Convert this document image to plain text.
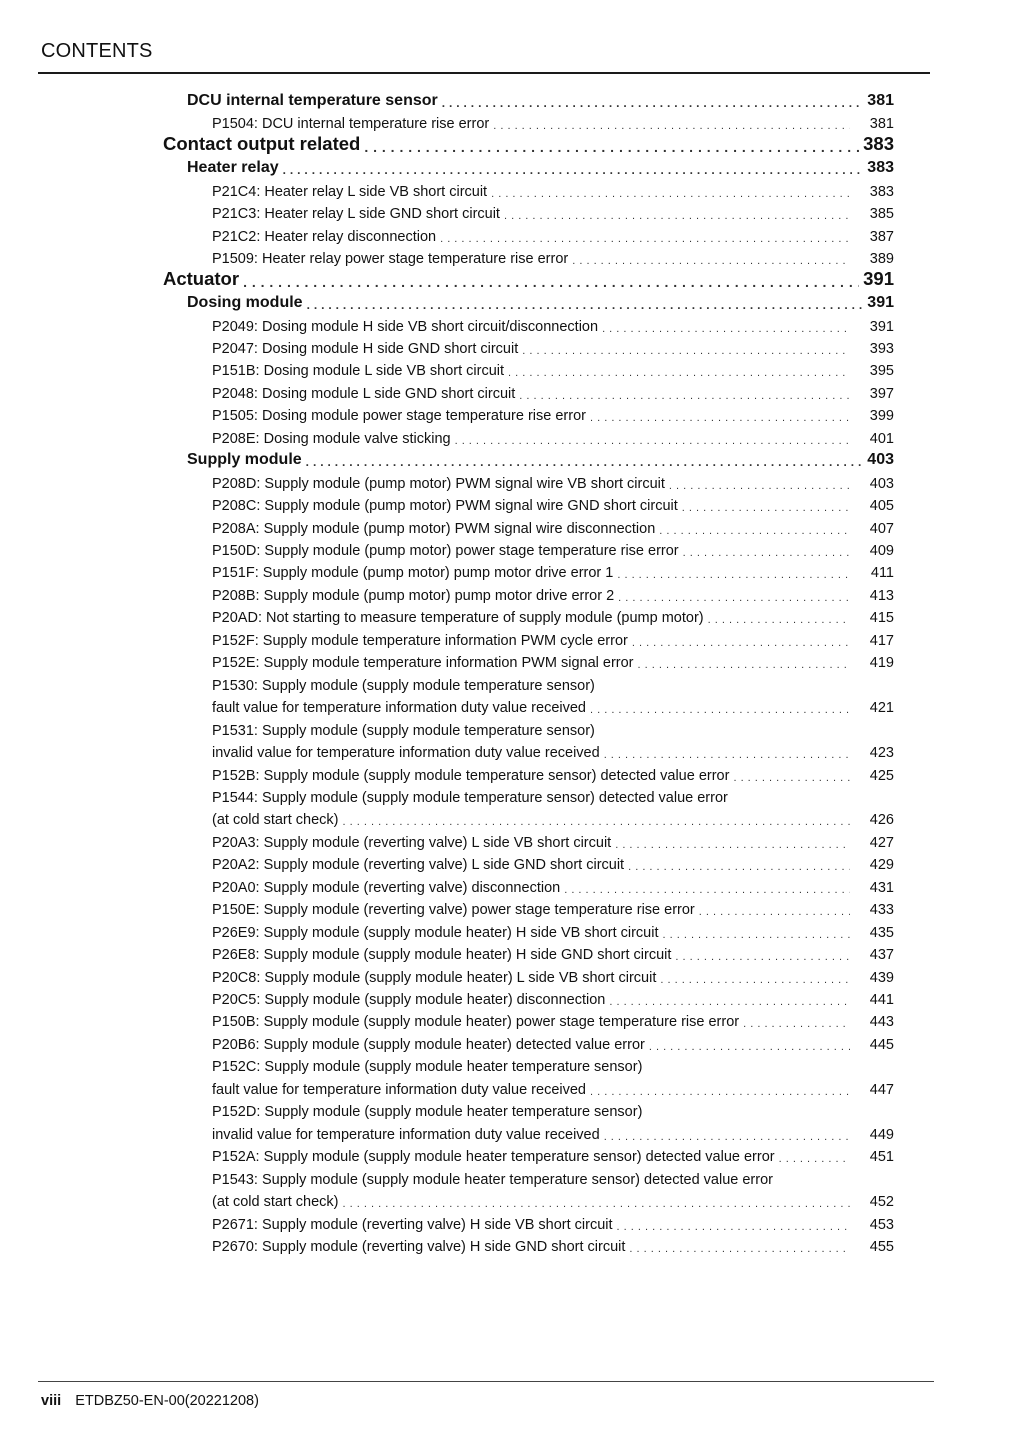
CONTENTS
DCU internal temperature sensor . . .	381
P1504: DCU internal temperature rise error . . .	381
Contact output related . . .	383
Heater relay . . .	383
P21C4: Heater relay L side VB short circuit . . .	383
P21C3: Heater relay L side GND short circuit . . .	385
P21C2: Heater relay disconnection . . .	387
P1509: Heater relay power stage temperature rise error . . .	389
Actuator . . .	391
Dosing module . . .	391
P2049: Dosing module H side VB short circuit/disconnection . . .	391
P2047: Dosing module H side GND short circuit . . .	393
P151B: Dosing module L side VB short circuit . . .	395
P2048: Dosing module L side GND short circuit . . .	397
P1505: Dosing module power stage temperature rise error . . .	399
P208E: Dosing module valve sticking . . .	401
Supply module . . .	403
P208D: Supply module (pump motor) PWM signal wire VB short circuit . . .	403
P208C: Supply module (pump motor) PWM signal wire GND short circuit . . .	405
P208A: Supply module (pump motor) PWM signal wire disconnection . . .	407
P150D: Supply module (pump motor) power stage temperature rise error . . .	409
P151F: Supply module (pump motor) pump motor drive error 1 . . .	411
P208B: Supply module (pump motor) pump motor drive error 2 . . .	413
P20AD: Not starting to measure temperature of supply module (pump motor) . . .	415
P152F: Supply module temperature information PWM cycle error . . .	417
P152E: Supply module temperature information PWM signal error . . .	419
P1530: Supply module (supply module temperature sensor)
fault value for temperature information duty value received . . .	421
P1531: Supply module (supply module temperature sensor)
invalid value for temperature information duty value received . . .	423
P152B: Supply module (supply module temperature sensor) detected value error . . .	425
P1544: Supply module (supply module temperature sensor) detected value error
(at cold start check) . . .	426
P20A3: Supply module (reverting valve) L side VB short circuit . . .	427
P20A2: Supply module (reverting valve) L side GND short circuit . . .	429
P20A0: Supply module (reverting valve) disconnection . . .	431
P150E: Supply module (reverting valve) power stage temperature rise error . . .	433
P26E9: Supply module (supply module heater) H side VB short circuit . . .	435
P26E8: Supply module (supply module heater) H side GND short circuit . . .	437
P20C8: Supply module (supply module heater) L side VB short circuit . . .	439
P20C5: Supply module (supply module heater) disconnection . . .	441
P150B: Supply module (supply module heater) power stage temperature rise error . . .	443
P20B6: Supply module (supply module heater) detected value error . . .	445
P152C: Supply module (supply module heater temperature sensor)
fault value for temperature information duty value received . . .	447
P152D: Supply module (supply module heater temperature sensor)
invalid value for temperature information duty value received . . .	449
P152A: Supply module (supply module heater temperature sensor) detected value error . . .	451
P1543: Supply module (supply module heater temperature sensor) detected value error
(at cold start check) . . .	452
P2671: Supply module (reverting valve) H side VB short circuit . . .	453
P2670: Supply module (reverting valve) H side GND short circuit . . .	455
viii ETDBZ50-EN-00(20221208)
